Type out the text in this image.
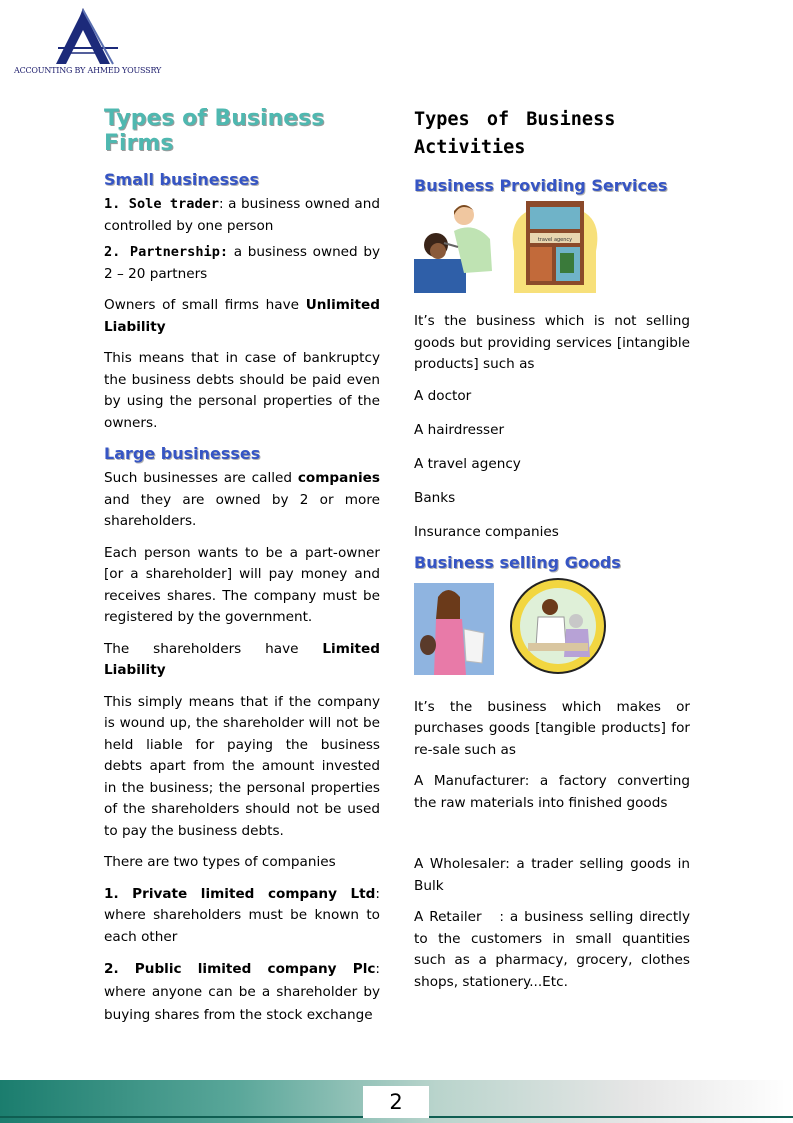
ACCOUNTING BY AHMED YOUSSRY
Types of Business Firms
Small businesses

1. Sole trader: a business owned and controlled by one person

2. Partnership: a business owned by 2 – 20 partners

Owners of small firms have Unlimited Liability

This means that in case of bankruptcy the business debts should be paid even by using the personal properties of the owners.

Large businesses

Such businesses are called companies and they are owned by 2 or more shareholders.

Each person wants to be a part-owner [or a shareholder] will pay money and receives shares. The company must be registered by the government.

The shareholders have Limited Liability

This simply means that if the company is wound up, the shareholder will not be held liable for paying the business debts apart from the amount invested in the business; the personal properties of the shareholders should not be used to pay the business debts.

There are two types of companies

1. Private limited company Ltd: where shareholders must be known to each other

2. Public limited company Plc: where anyone can be a shareholder by buying shares from the stock exchange

Types of Business Activities
Business Providing Services
travel agency

It’s the business which is not selling goods but providing services [intangible products] such as

A doctor

A hairdresser

A travel agency

Banks

Insurance companies

Business selling Goods

It’s the business which makes or purchases goods [tangible products] for re-sale such as

A Manufacturer: a factory converting the raw materials into finished goods

A Wholesaler: a trader selling goods in Bulk

A Retailer   : a business selling directly to the customers in small quantities such as a pharmacy, grocery, clothes shops, stationery...Etc.

2
